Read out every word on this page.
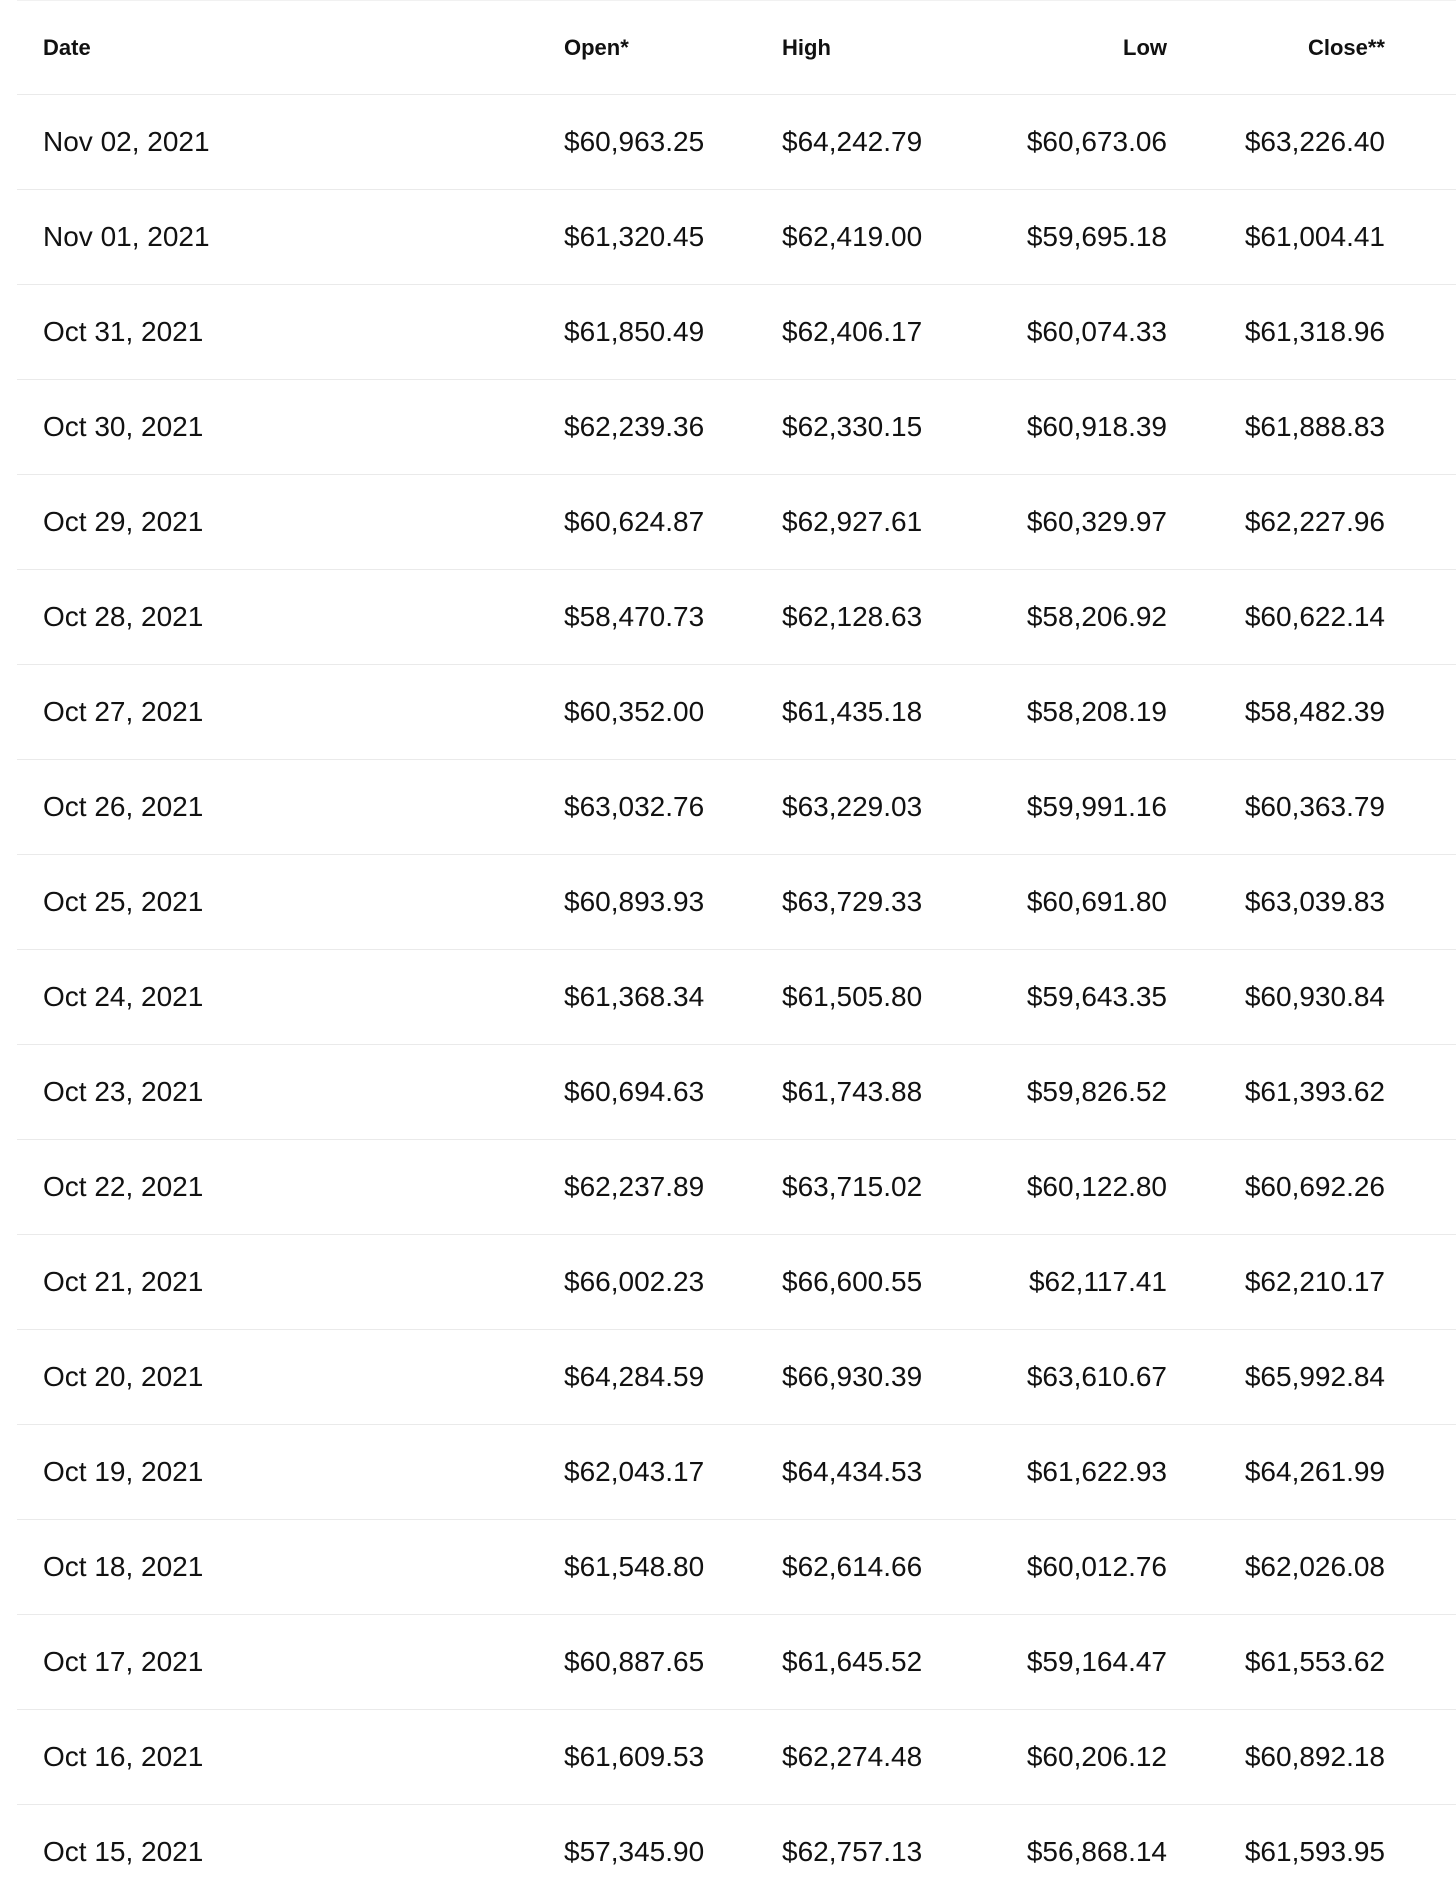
Date	Open*	High	Low	Close**
Nov 02, 2021	$60,963.25	$64,242.79	$60,673.06	$63,226.40
Nov 01, 2021	$61,320.45	$62,419.00	$59,695.18	$61,004.41
Oct 31, 2021	$61,850.49	$62,406.17	$60,074.33	$61,318.96
Oct 30, 2021	$62,239.36	$62,330.15	$60,918.39	$61,888.83
Oct 29, 2021	$60,624.87	$62,927.61	$60,329.97	$62,227.96
Oct 28, 2021	$58,470.73	$62,128.63	$58,206.92	$60,622.14
Oct 27, 2021	$60,352.00	$61,435.18	$58,208.19	$58,482.39
Oct 26, 2021	$63,032.76	$63,229.03	$59,991.16	$60,363.79
Oct 25, 2021	$60,893.93	$63,729.33	$60,691.80	$63,039.83
Oct 24, 2021	$61,368.34	$61,505.80	$59,643.35	$60,930.84
Oct 23, 2021	$60,694.63	$61,743.88	$59,826.52	$61,393.62
Oct 22, 2021	$62,237.89	$63,715.02	$60,122.80	$60,692.26
Oct 21, 2021	$66,002.23	$66,600.55	$62,117.41	$62,210.17
Oct 20, 2021	$64,284.59	$66,930.39	$63,610.67	$65,992.84
Oct 19, 2021	$62,043.17	$64,434.53	$61,622.93	$64,261.99
Oct 18, 2021	$61,548.80	$62,614.66	$60,012.76	$62,026.08
Oct 17, 2021	$60,887.65	$61,645.52	$59,164.47	$61,553.62
Oct 16, 2021	$61,609.53	$62,274.48	$60,206.12	$60,892.18
Oct 15, 2021	$57,345.90	$62,757.13	$56,868.14	$61,593.95
